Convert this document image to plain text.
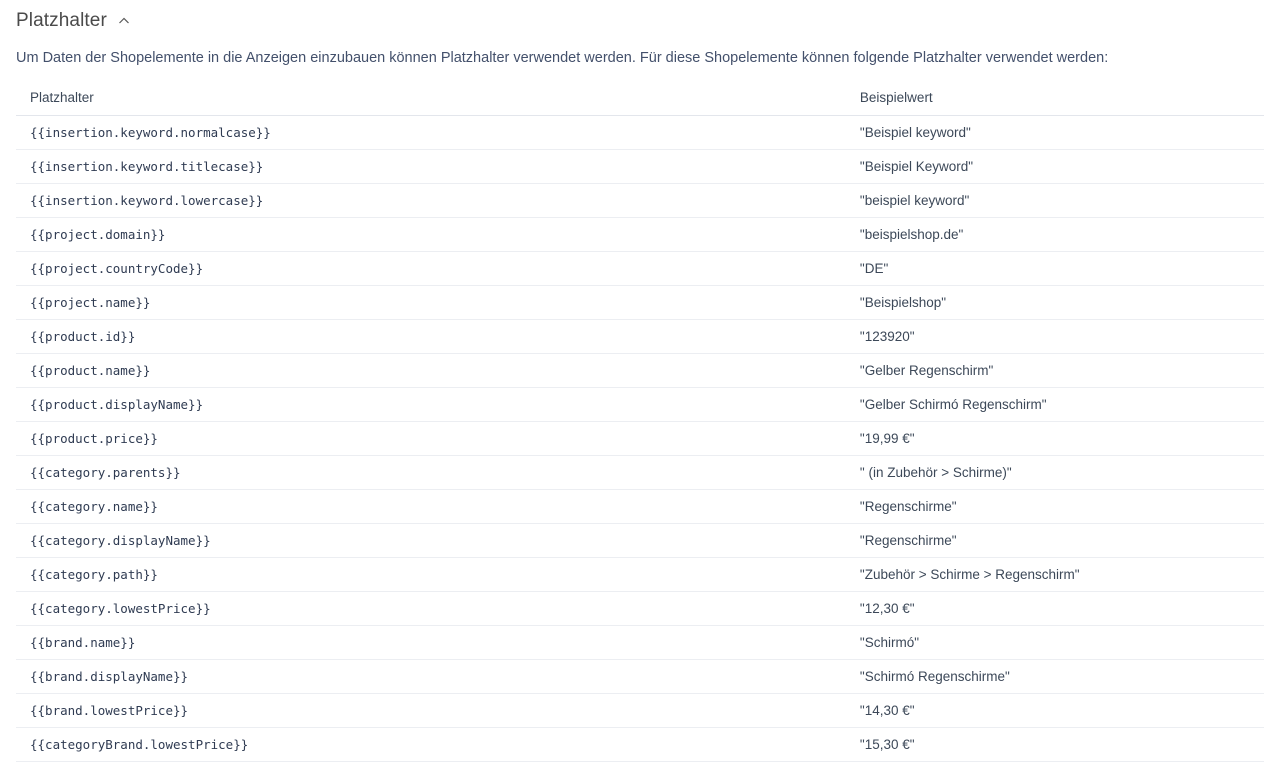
Platzhalter

Um Daten der Shopelemente in die Anzeigen einzubauen können Platzhalter verwendet werden. Für diese Shopelemente können folgende Platzhalter verwendet werden:

Platzhalter	Beispielwert
{{insertion.keyword.normalcase}}	"Beispiel keyword"
{{insertion.keyword.titlecase}}	"Beispiel Keyword"
{{insertion.keyword.lowercase}}	"beispiel keyword"
{{project.domain}}	"beispielshop.de"
{{project.countryCode}}	"DE"
{{project.name}}	"Beispielshop"
{{product.id}}	"123920"
{{product.name}}	"Gelber Regenschirm"
{{product.displayName}}	"Gelber Schirmó Regenschirm"
{{product.price}}	"19,99 €"
{{category.parents}}	" (in Zubehör > Schirme)"
{{category.name}}	"Regenschirme"
{{category.displayName}}	"Regenschirme"
{{category.path}}	"Zubehör > Schirme > Regenschirm"
{{category.lowestPrice}}	"12,30 €"
{{brand.name}}	"Schirmó"
{{brand.displayName}}	"Schirmó Regenschirme"
{{brand.lowestPrice}}	"14,30 €"
{{categoryBrand.lowestPrice}}	"15,30 €"
